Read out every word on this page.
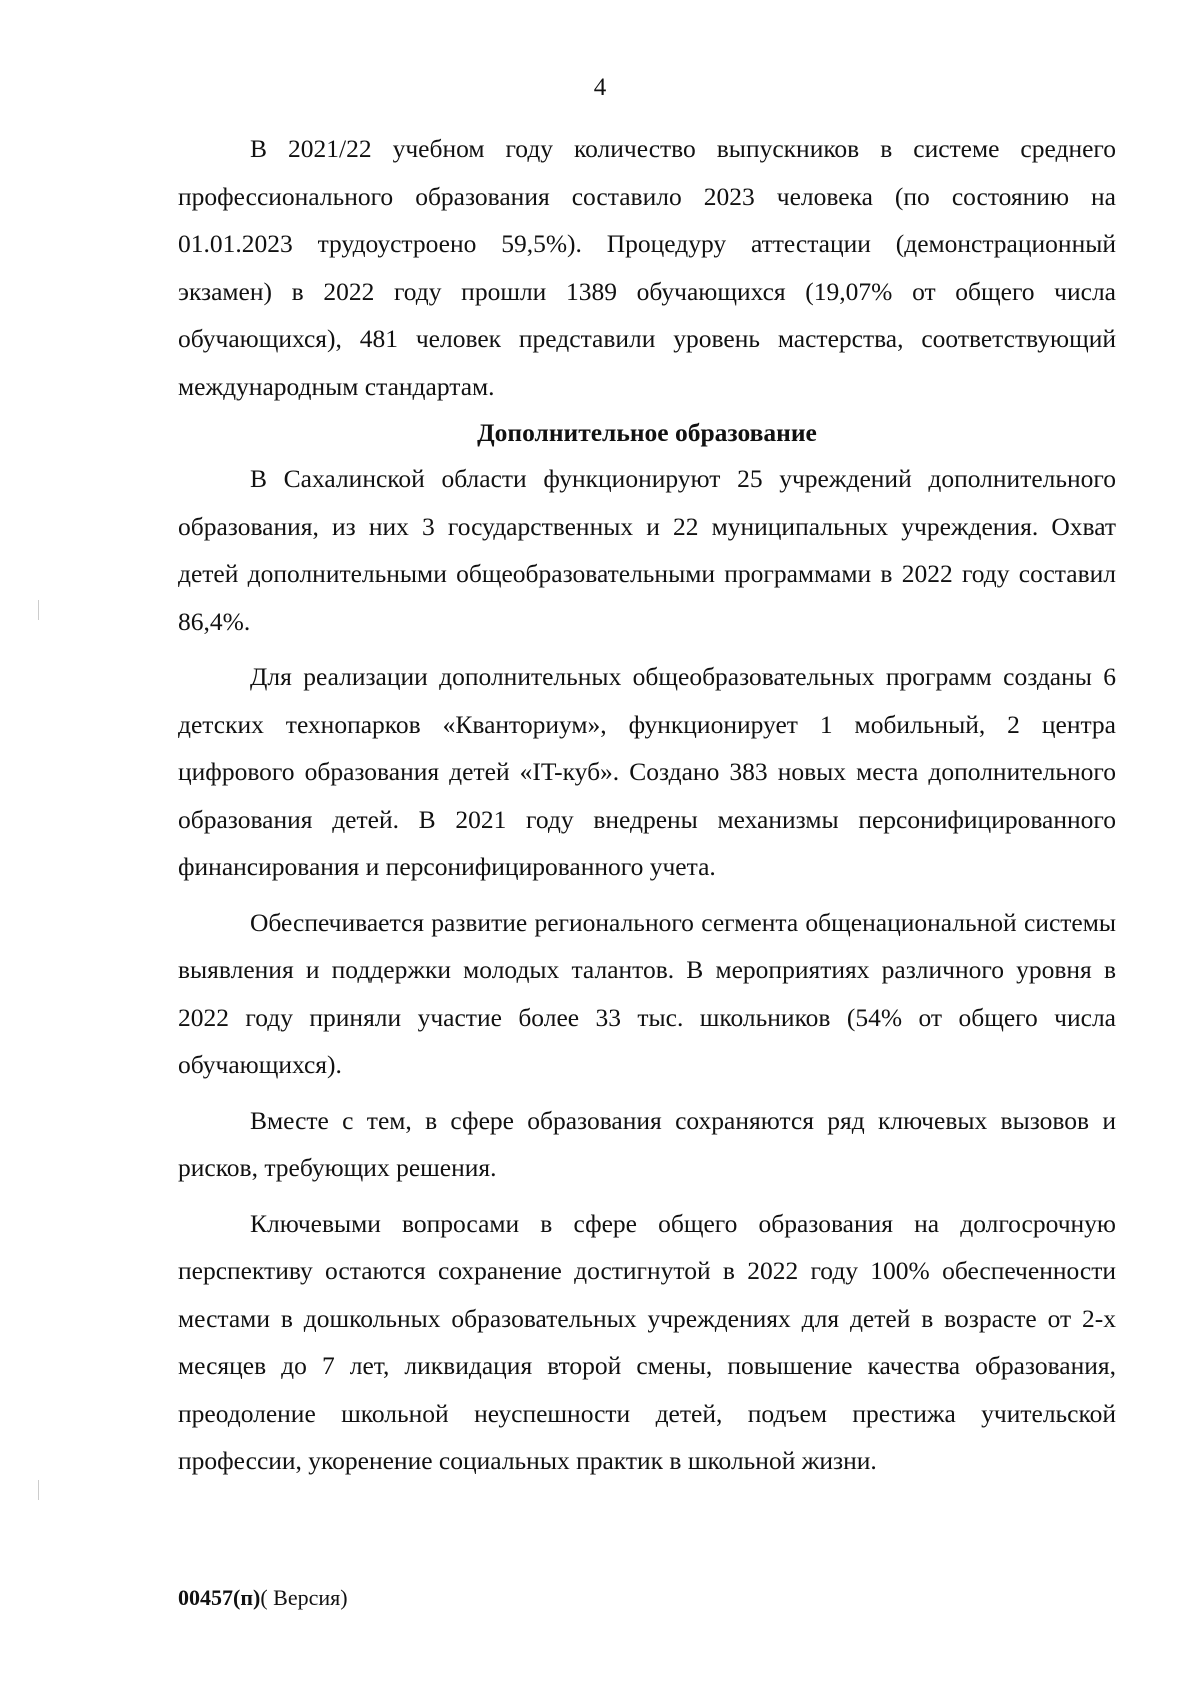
4

В 2021/22 учебном году количество выпускников в системе среднего профессионального образования составило 2023 человека (по состоянию на 01.01.2023 трудоустроено 59,5%). Процедуру аттестации (демонстрационный экзамен) в 2022 году прошли 1389 обучающихся (19,07% от общего числа обучающихся), 481 человек представили уровень мастерства, соответствующий международным стандартам.

Дополнительное образование

В Сахалинской области функционируют 25 учреждений дополнительного образования, из них 3 государственных и 22 муниципальных учреждения. Охват детей дополнительными общеобразовательными программами в 2022 году составил 86,4%.

Для реализации дополнительных общеобразовательных программ созданы 6 детских технопарков «Кванториум», функционирует 1 мобильный, 2 центра цифрового образования детей «IT-куб». Создано 383 новых места дополнительного образования детей. В 2021 году внедрены механизмы персонифицированного финансирования и персонифицированного учета.

Обеспечивается развитие регионального сегмента общенациональной системы выявления и поддержки молодых талантов. В мероприятиях различного уровня в 2022 году приняли участие более 33 тыс. школьников (54% от общего числа обучающихся).

Вместе с тем, в сфере образования сохраняются ряд ключевых вызовов и рисков, требующих решения.

Ключевыми вопросами в сфере общего образования на долгосрочную перспективу остаются сохранение достигнутой в 2022 году 100% обеспеченности местами в дошкольных образовательных учреждениях для детей в возрасте от 2-х месяцев до 7 лет, ликвидация второй смены, повышение качества образования, преодоление школьной неуспешности детей, подъем престижа учительской профессии, укоренение социальных практик в школьной жизни.

00457(п)( Версия)
